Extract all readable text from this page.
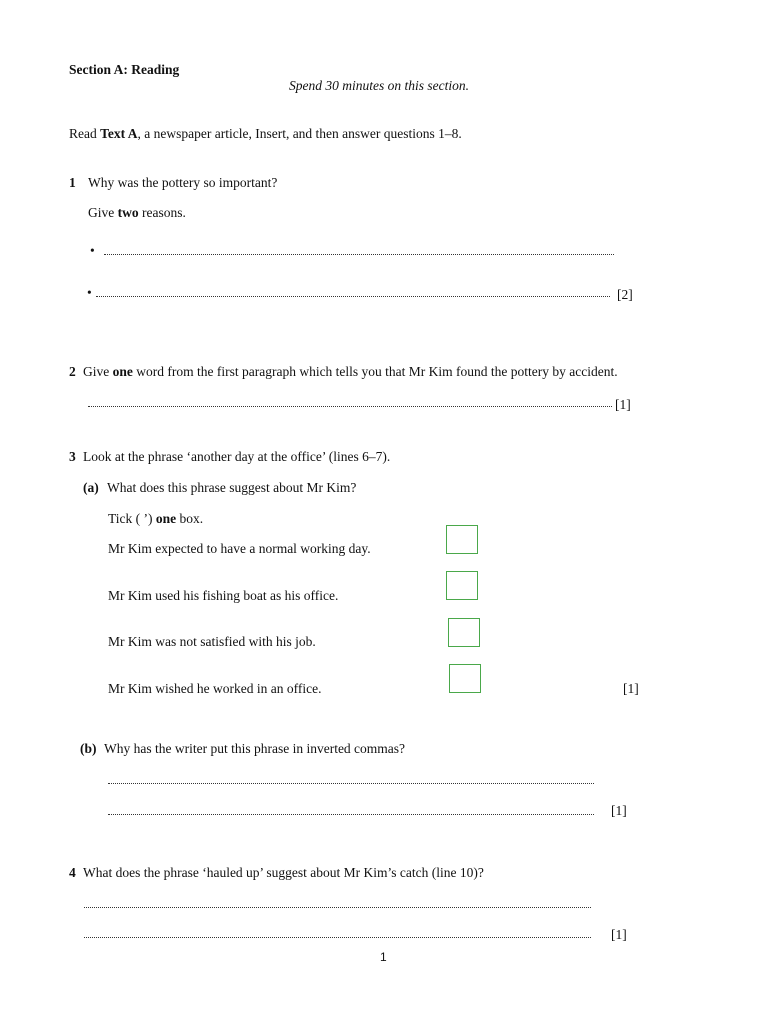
Section A: Reading
Spend 30 minutes on this section.
Read Text A, a newspaper article, Insert, and then answer questions 1–8.
1 Why was the pottery so important?
Give two reasons.
•
•	[2]
2 Give one word from the first paragraph which tells you that Mr Kim found the pottery by accident.
[1]
3 Look at the phrase ‘another day at the office’ (lines 6–7).
(a) What does this phrase suggest about Mr Kim?
Tick ( ’) one box.
Mr Kim expected to have a normal working day.
Mr Kim used his fishing boat as his office.
Mr Kim was not satisfied with his job.
Mr Kim wished he worked in an office.	[1]
(b) Why has the writer put this phrase in inverted commas?
[1]
4 What does the phrase ‘hauled up’ suggest about Mr Kim’s catch (line 10)?
[1]
1
